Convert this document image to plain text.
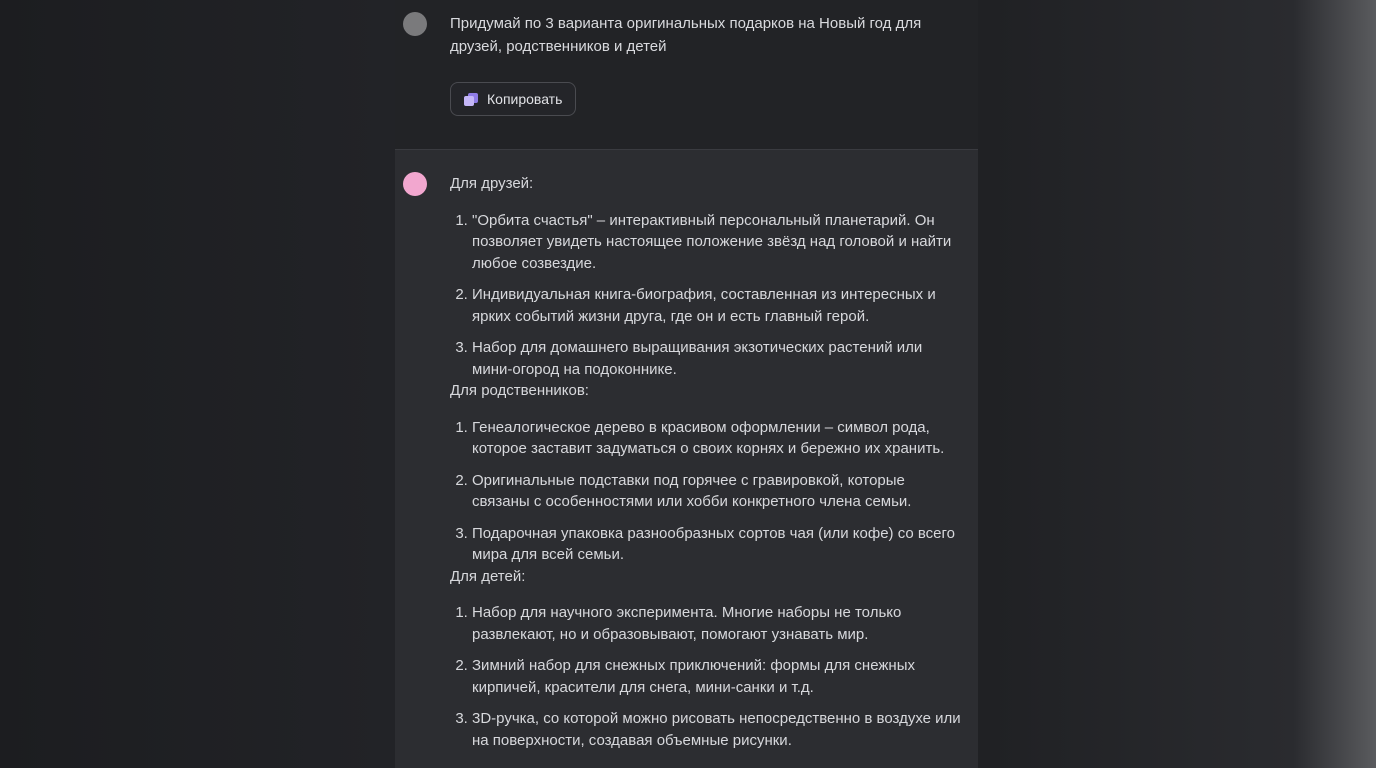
Придумай по 3 варианта оригинальных подарков на Новый год для друзей, родственников и детей
Копировать

Для друзей:

1. "Орбита счастья" – интерактивный персональный планетарий. Он позволяет увидеть настоящее положение звёзд над головой и найти любое созвездие.
2. Индивидуальная книга-биография, составленная из интересных и ярких событий жизни друга, где он и есть главный герой.
3. Набор для домашнего выращивания экзотических растений или мини-огород на подоконнике.

Для родственников:

1. Генеалогическое дерево в красивом оформлении – символ рода, которое заставит задуматься о своих корнях и бережно их хранить.
2. Оригинальные подставки под горячее с гравировкой, которые связаны с особенностями или хобби конкретного члена семьи.
3. Подарочная упаковка разнообразных сортов чая (или кофе) со всего мира для всей семьи.

Для детей:

1. Набор для научного эксперимента. Многие наборы не только развлекают, но и образовывают, помогают узнавать мир.
2. Зимний набор для снежных приключений: формы для снежных кирпичей, красители для снега, мини-санки и т.д.
3. 3D-ручка, со которой можно рисовать непосредственно в воздухе или на поверхности, создавая объемные рисунки.
